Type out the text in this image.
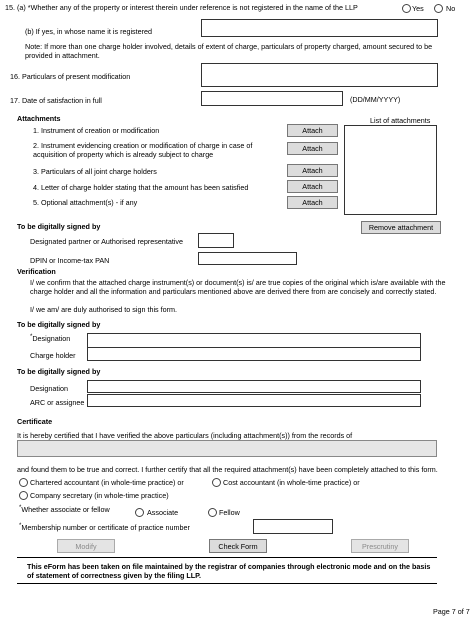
15. (a) *Whether any of the property or interest therein under reference is not registered in the name of the LLP	Yes	No
(b) If yes, in whose name it is registered
Note: If more than one charge holder involved, details of extent of charge, particulars of property charged, amount secured to be provided in attachment.
16. Particulars of present modification
17. Date of satisfaction in full	(DD/MM/YYYY)
Attachments	List of attachments
1. Instrument of creation or modification	Attach
2. Instrument evidencing creation or modification of charge in case of acquisition of property which is already subject to charge
Attach
3. Particulars of all joint charge holders	Attach
4. Letter of charge holder stating that the amount has been satisfied	Attach
5. Optional attachment(s) - if any	Attach
Remove attachment
To be digitally signed by
Designated partner or Authorised representative
DPIN or Income-tax PAN
Verification
I/ we confirm that the attached charge instrument(s) or document(s) is/ are true copies of the original which is/are available with the charge holder and all the information and particulars mentioned above are derived there from are concisely and correctly stated.
I/ we am/ are duly authorised to sign this form.
To be digitally signed by
*Designation
Charge holder
To be digitally signed by
Designation
ARC or assignee
Certificate
It is hereby certified that I have verified the above particulars (including attachment(s)) from the records of
and found them to be true and correct. I further certify that all the required attachment(s) have been completely attached to this form.
Chartered accountant (in whole-time practice) or	Cost accountant (in whole-time practice) or
Company secretary (in whole-time practice)
*Whether associate or fellow	Associate	Fellow
*Membership number or certificate of practice number
Modify	Check Form	Prescrutiny
This eForm has been taken on file maintained by the registrar of companies through electronic mode and on the basis of statement of correctness given by the filing LLP.
Page 7 of 7
